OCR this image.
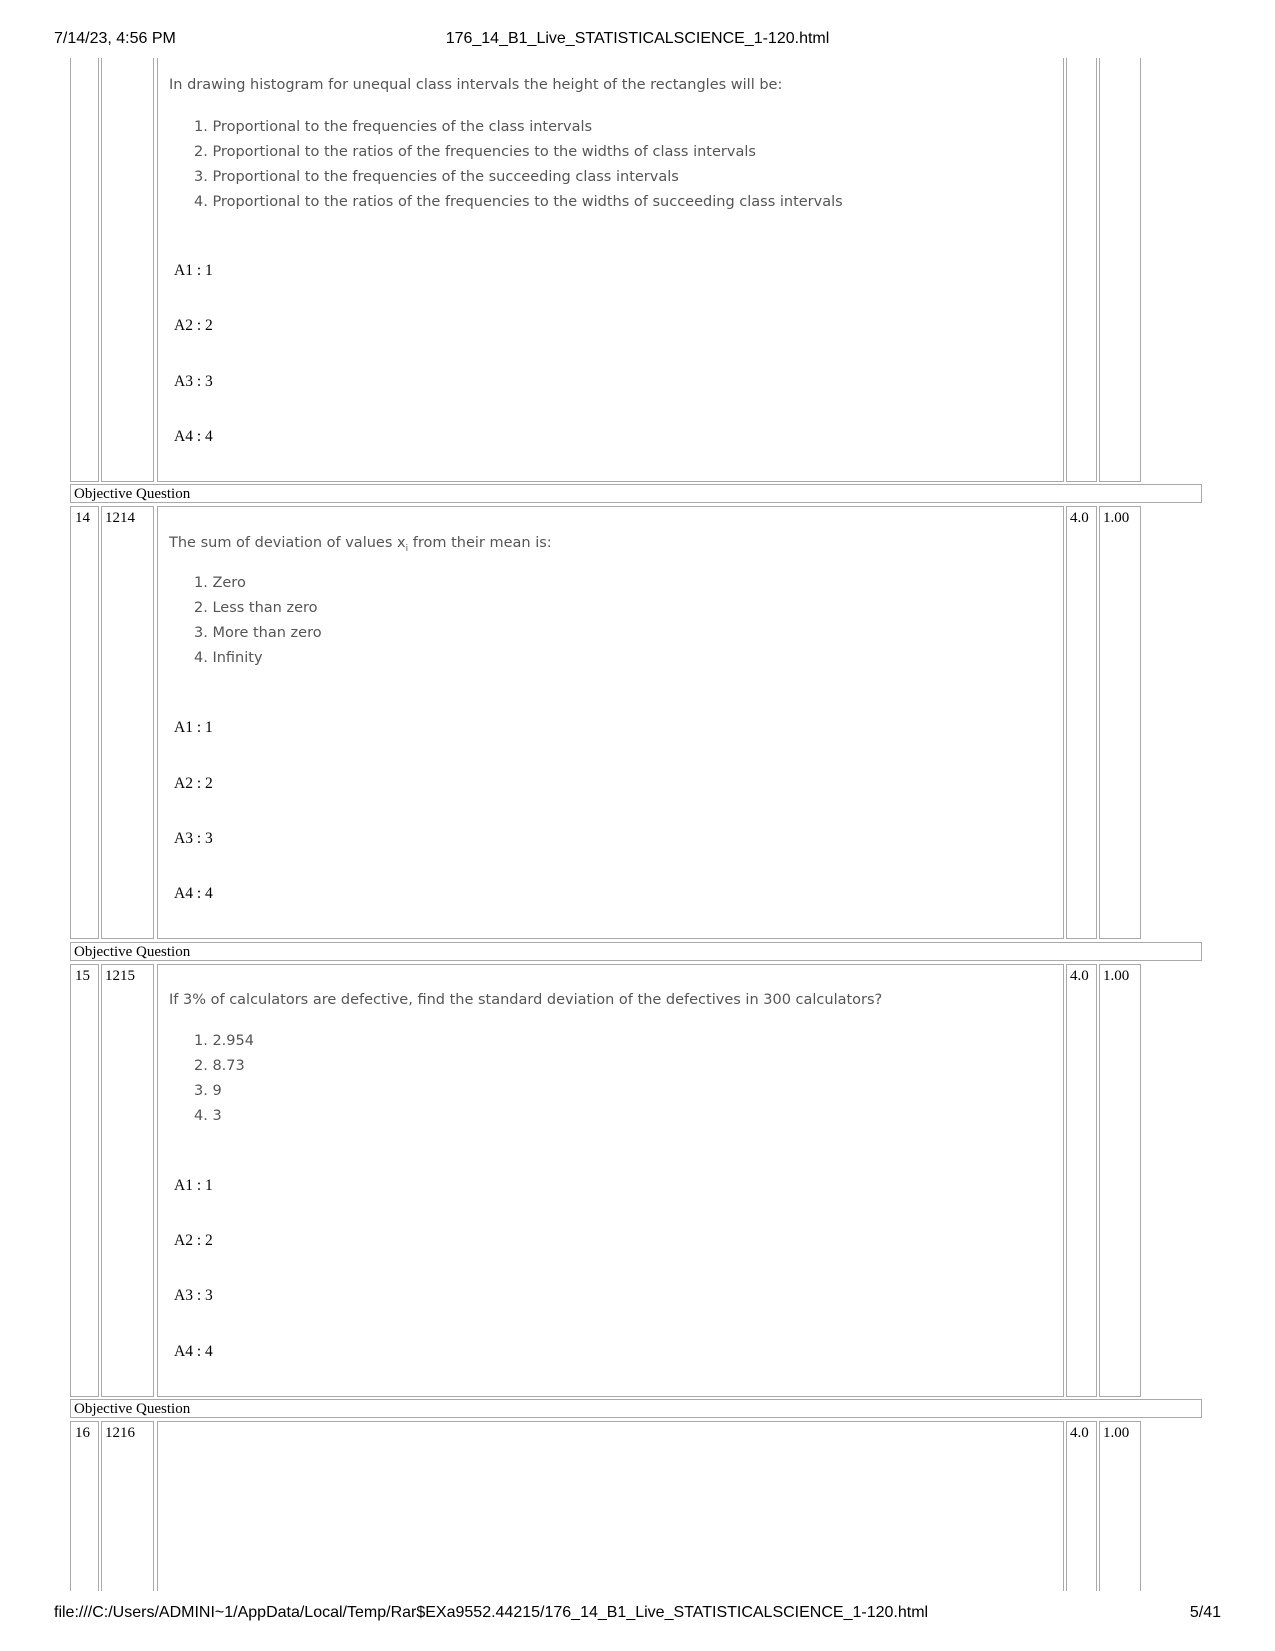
7/14/23, 4:56 PM	176_14_B1_Live_STATISTICALSCIENCE_1-120.html
In drawing histogram for unequal class intervals the height of the rectangles will be:
1. Proportional to the frequencies of the class intervals
2. Proportional to the ratios of the frequencies to the widths of class intervals
3. Proportional to the frequencies of the succeeding class intervals
4. Proportional to the ratios of the frequencies to the widths of succeeding class intervals
A1 : 1
A2 : 2
A3 : 3
A4 : 4
Objective Question
14 1214	4.0 1.00
The sum of deviation of values $x_i$ from their mean is:
1. Zero
2. Less than zero
3. More than zero
4. Infinity
A1 : 1
A2 : 2
A3 : 3
A4 : 4
Objective Question
15 1215	4.0 1.00
If 3% of calculators are defective, find the standard deviation of the defectives in 300 calculators?
1. 2.954
2. 8.73
3. 9
4. 3
A1 : 1
A2 : 2
A3 : 3
A4 : 4
Objective Question
16 1216	4.0 1.00
file:///C:/Users/ADMINI~1/AppData/Local/Temp/Rar$EXa9552.44215/176_14_B1_Live_STATISTICALSCIENCE_1-120.html	5/41
